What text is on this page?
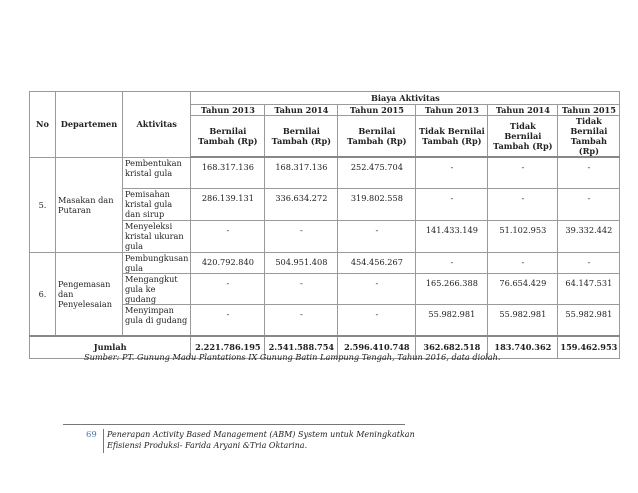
No	Departemen	Aktivitas	Biaya Aktivitas					
			Tahun 2013	Tahun 2014	Tahun 2015	Tahun 2013	Tahun 2014	Tahun 2015
			Bernilai Tambah (Rp)	Bernilai Tambah (Rp)	Bernilai Tambah (Rp)	Tidak Bernilai Tambah (Rp)	Tidak Bernilai Tambah (Rp)	Tidak Bernilai Tambah (Rp)
5.	Masakan dan Putaran	Pembentukan kristal gula	168.317.136	168.317.136	252.475.704	-	-	-
		Pemisahan kristal gula dan sirup	286.139.131	336.634.272	319.802.558	-	-	-
		Menyeleksi kristal ukuran gula	-	-	-	141.433.149	51.102.953	39.332.442
6.	Pengemasan dan Penyelesaian	Pembungkusan gula	420.792.840	504.951.408	454.456.267	-	-	-
		Mengangkut gula ke gudang	-	-	-	165.266.388	76.654.429	64.147.531
		Menyimpan gula di gudang	-	-	-	55.982.981	55.982.981	55.982.981
Jumlah			2.221.786.195	2.541.588.754	2.596.410.748	362.682.518	183.740.362	159.462.953
Sumber: PT. Gunung Madu Plantations IX Gunung Batin Lampung Tengah, Tahun 2016, data diolah.
69 Penerapan Activity Based Management (ABM) System untuk Meningkatkan
Efisiensi Produksi- Farida Aryani &Tria Oktarina.
